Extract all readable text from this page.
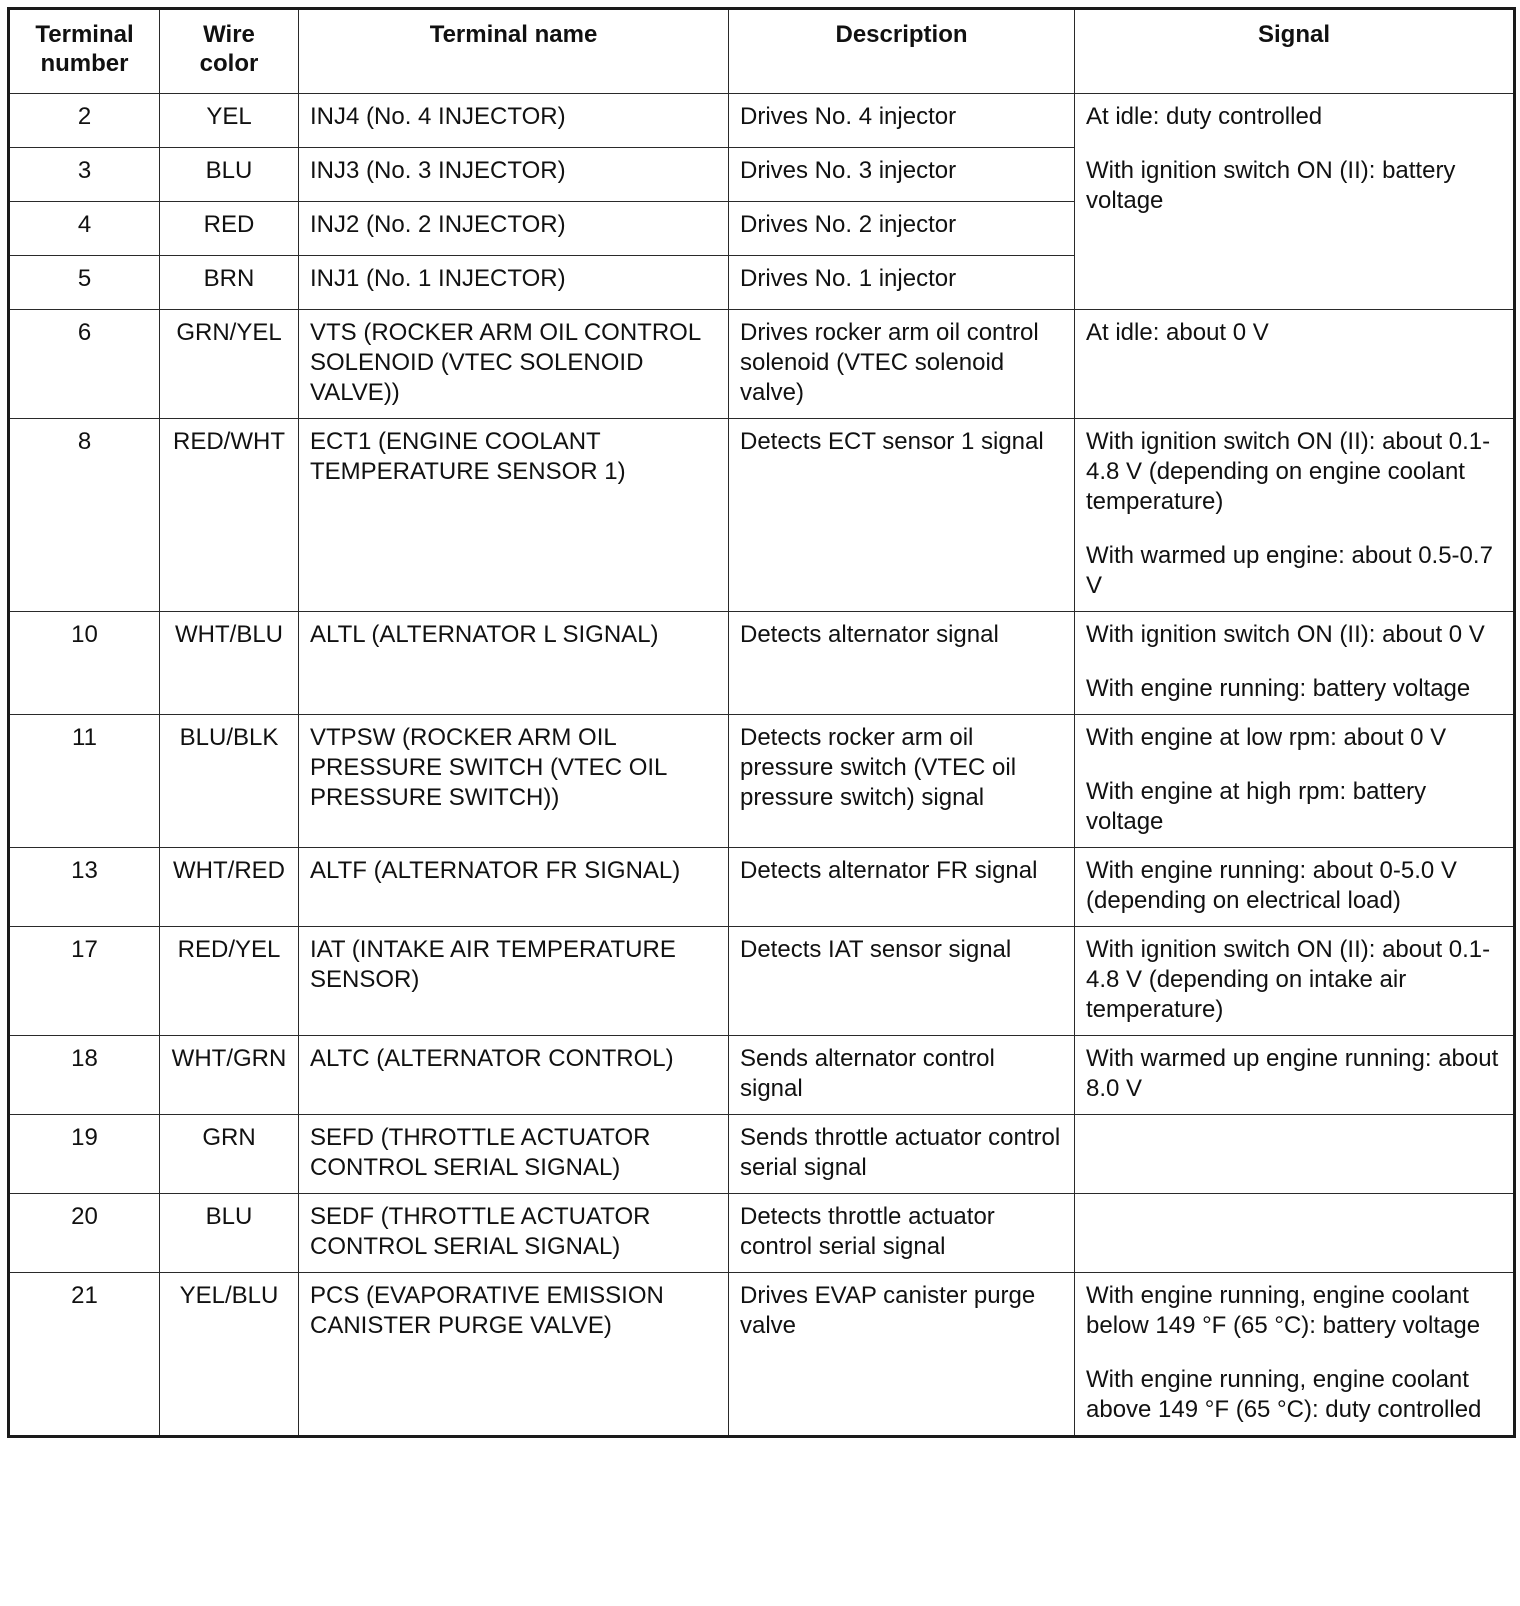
Terminal number	Wire color	Terminal name	Description	Signal
2	YEL	INJ4 (No. 4 INJECTOR)	Drives No. 4 injector	At idle: duty controlled
With ignition switch ON (II): battery voltage

3	BLU	INJ3 (No. 3 INJECTOR)	Drives No. 3 injector	
4	RED	INJ2 (No. 2 INJECTOR)	Drives No. 2 injector	
5	BRN	INJ1 (No. 1 INJECTOR)	Drives No. 1 injector	
6	GRN/YEL	VTS (ROCKER ARM OIL CONTROL SOLENOID (VTEC SOLENOID VALVE))	Drives rocker arm oil control solenoid (VTEC solenoid valve)	At idle: about 0 V

8	RED/WHT	ECT1 (ENGINE COOLANT TEMPERATURE SENSOR 1)	Detects ECT sensor 1 signal	With ignition switch ON (II): about 0.1-4.8 V (depending on engine coolant temperature)
With warmed up engine: about 0.5-0.7 V

10	WHT/BLU	ALTL (ALTERNATOR L SIGNAL)	Detects alternator signal	With ignition switch ON (II): about 0 V
With engine running: battery voltage

11	BLU/BLK	VTPSW (ROCKER ARM OIL PRESSURE SWITCH (VTEC OIL PRESSURE SWITCH))	Detects rocker arm oil pressure switch (VTEC oil pressure switch) signal	With engine at low rpm: about 0 V
With engine at high rpm: battery voltage

13	WHT/RED	ALTF (ALTERNATOR FR SIGNAL)	Detects alternator FR signal	With engine running: about 0-5.0 V (depending on electrical load)

17	RED/YEL	IAT (INTAKE AIR TEMPERATURE SENSOR)	Detects IAT sensor signal	With ignition switch ON (II): about 0.1-4.8 V (depending on intake air temperature)

18	WHT/GRN	ALTC (ALTERNATOR CONTROL)	Sends alternator control signal	With warmed up engine running: about 8.0 V

19	GRN	SEFD (THROTTLE ACTUATOR CONTROL SERIAL SIGNAL)	Sends throttle actuator control serial signal	
20	BLU	SEDF (THROTTLE ACTUATOR CONTROL SERIAL SIGNAL)	Detects throttle actuator control serial signal	
21	YEL/BLU	PCS (EVAPORATIVE EMISSION CANISTER PURGE VALVE)	Drives EVAP canister purge valve	With engine running, engine coolant below 149 °F (65 °C): battery voltage
With engine running, engine coolant above 149 °F (65 °C): duty controlled
